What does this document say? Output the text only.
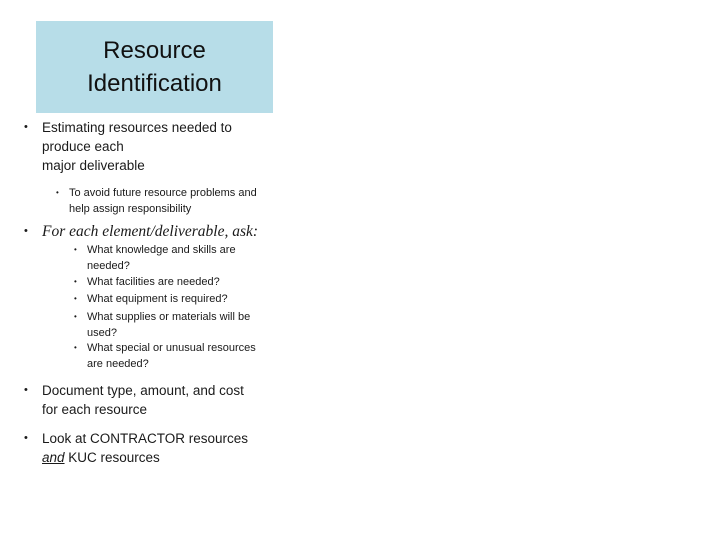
Resource
Identification
• Estimating resources needed to
produce each
major deliverable
• To avoid future resource problems and
help assign responsibility
• For each element/deliverable, ask:
• What knowledge and skills are
needed?
• What facilities are needed?
• What equipment is required?
• What supplies or materials will be
used?
• What special or unusual resources
are needed?
• Document type, amount, and cost
for each resource
• Look at CONTRACTOR resources
and KUC resources
